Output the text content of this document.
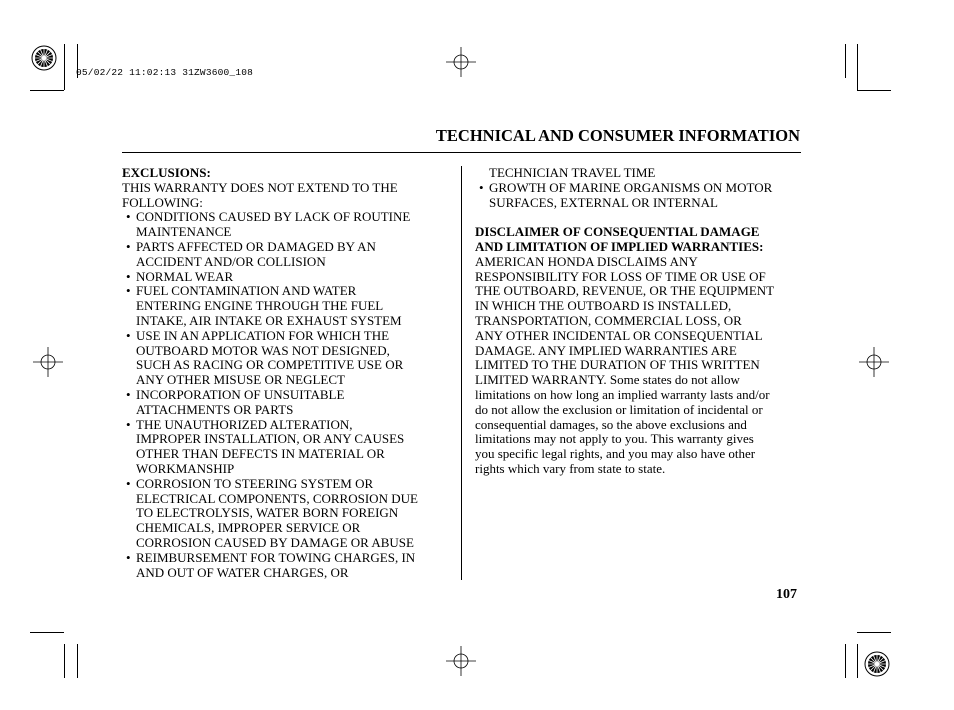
05/02/22 11:02:13 31ZW3600_108
TECHNICAL AND CONSUMER INFORMATION
EXCLUSIONS:
THIS WARRANTY DOES NOT EXTEND TO THE
FOLLOWING:
• CONDITIONS CAUSED BY LACK OF ROUTINE
MAINTENANCE
• PARTS AFFECTED OR DAMAGED BY AN
ACCIDENT AND/OR COLLISION
• NORMAL WEAR
• FUEL CONTAMINATION AND WATER
ENTERING ENGINE THROUGH THE FUEL
INTAKE, AIR INTAKE OR EXHAUST SYSTEM
• USE IN AN APPLICATION FOR WHICH THE
OUTBOARD MOTOR WAS NOT DESIGNED,
SUCH AS RACING OR COMPETITIVE USE OR
ANY OTHER MISUSE OR NEGLECT
• INCORPORATION OF UNSUITABLE
ATTACHMENTS OR PARTS
• THE UNAUTHORIZED ALTERATION,
IMPROPER INSTALLATION, OR ANY CAUSES
OTHER THAN DEFECTS IN MATERIAL OR
WORKMANSHIP
• CORROSION TO STEERING SYSTEM OR
ELECTRICAL COMPONENTS, CORROSION DUE
TO ELECTROLYSIS, WATER BORN FOREIGN
CHEMICALS, IMPROPER SERVICE OR
CORROSION CAUSED BY DAMAGE OR ABUSE
• REIMBURSEMENT FOR TOWING CHARGES, IN
AND OUT OF WATER CHARGES, OR
TECHNICIAN TRAVEL TIME
• GROWTH OF MARINE ORGANISMS ON MOTOR
SURFACES, EXTERNAL OR INTERNAL
DISCLAIMER OF CONSEQUENTIAL DAMAGE
AND LIMITATION OF IMPLIED WARRANTIES:
AMERICAN HONDA DISCLAIMS ANY
RESPONSIBILITY FOR LOSS OF TIME OR USE OF
THE OUTBOARD, REVENUE, OR THE EQUIPMENT
IN WHICH THE OUTBOARD IS INSTALLED,
TRANSPORTATION, COMMERCIAL LOSS, OR
ANY OTHER INCIDENTAL OR CONSEQUENTIAL
DAMAGE. ANY IMPLIED WARRANTIES ARE
LIMITED TO THE DURATION OF THIS WRITTEN
LIMITED WARRANTY. Some states do not allow
limitations on how long an implied warranty lasts and/or
do not allow the exclusion or limitation of incidental or
consequential damages, so the above exclusions and
limitations may not apply to you. This warranty gives
you specific legal rights, and you may also have other
rights which vary from state to state.
107
